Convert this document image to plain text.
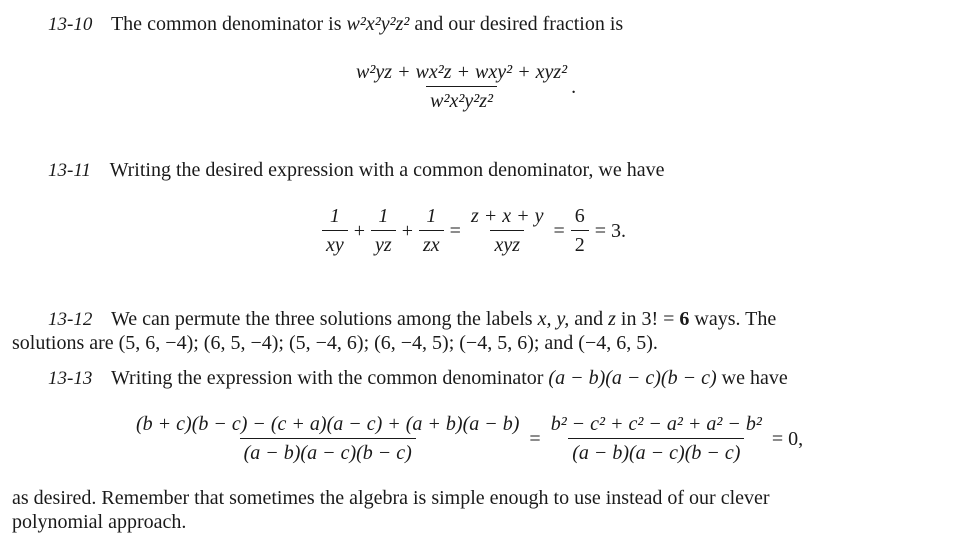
13-10 The common denominator is w²x²y²z² and our desired fraction is
$\frac{\text{w²yz + wx²z + wxy² + xyz²}}{\text{w²x²y²z²}}$ .
13-11 Writing the desired expression with a common denominator, we have
$\frac{1}{xy} + \frac{1}{yz} + \frac{1}{zx} = \frac{z + x + y}{\text{xyz}} = \frac{6}{2} = 3$.
13-12 We can permute the three solutions among the labels x, y, and z in 3! = 6 ways. The
solutions are (5, 6, −4); (6, 5, −4); (5, −4, 6); (6, −4, 5); (−4, 5, 6); and (−4, 6, 5).
13-13 Writing the expression with the common denominator (a − b)(a − c)(b − c) we have
$\frac{(b + c)(b - c) - (c + a)(a - c) + (a + b)(a - b)}{(a - b)(a - c)(b - c)} = \frac{\text{b² − c² + c² − a² + a² − b²}}{(a - b)(a - c)(b - c)} = 0$,
as desired. Remember that sometimes the algebra is simple enough to use instead of our clever
polynomial approach.
